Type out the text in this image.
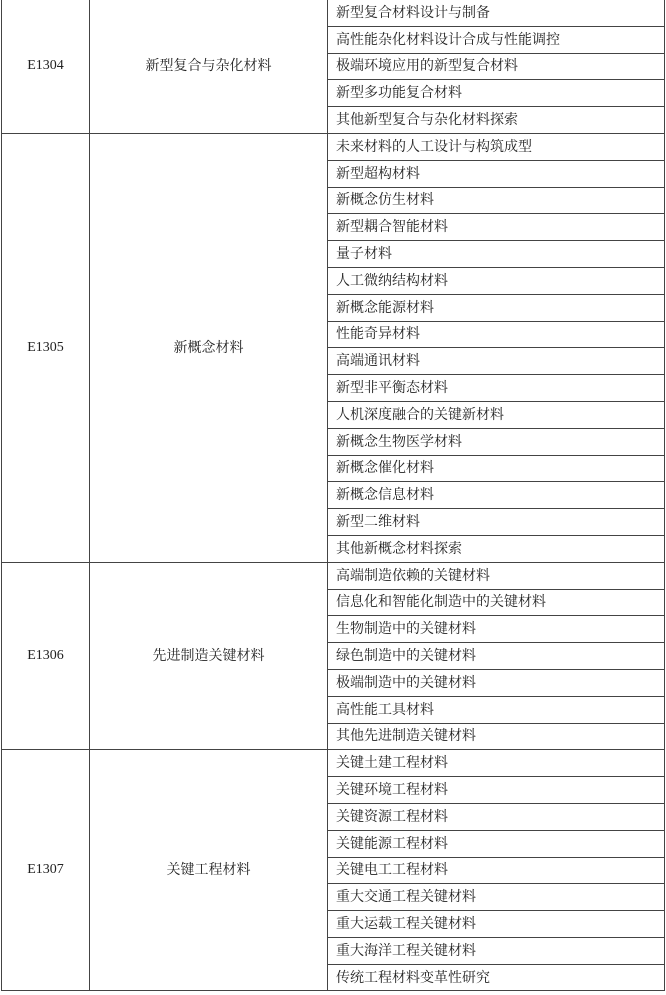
E1304	新型复合与杂化材料	新型复合材料设计与制备
		高性能杂化材料设计合成与性能调控
		极端环境应用的新型复合材料
		新型多功能复合材料
		其他新型复合与杂化材料探索
E1305	新概念材料	未来材料的人工设计与构筑成型
		新型超构材料
		新概念仿生材料
		新型耦合智能材料
		量子材料
		人工微纳结构材料
		新概念能源材料
		性能奇异材料
		高端通讯材料
		新型非平衡态材料
		人机深度融合的关键新材料
		新概念生物医学材料
		新概念催化材料
		新概念信息材料
		新型二维材料
		其他新概念材料探索
E1306	先进制造关键材料	高端制造依赖的关键材料
		信息化和智能化制造中的关键材料
		生物制造中的关键材料
		绿色制造中的关键材料
		极端制造中的关键材料
		高性能工具材料
		其他先进制造关键材料
E1307	关键工程材料	关键土建工程材料
		关键环境工程材料
		关键资源工程材料
		关键能源工程材料
		关键电工工程材料
		重大交通工程关键材料
		重大运载工程关键材料
		重大海洋工程关键材料
		传统工程材料变革性研究
